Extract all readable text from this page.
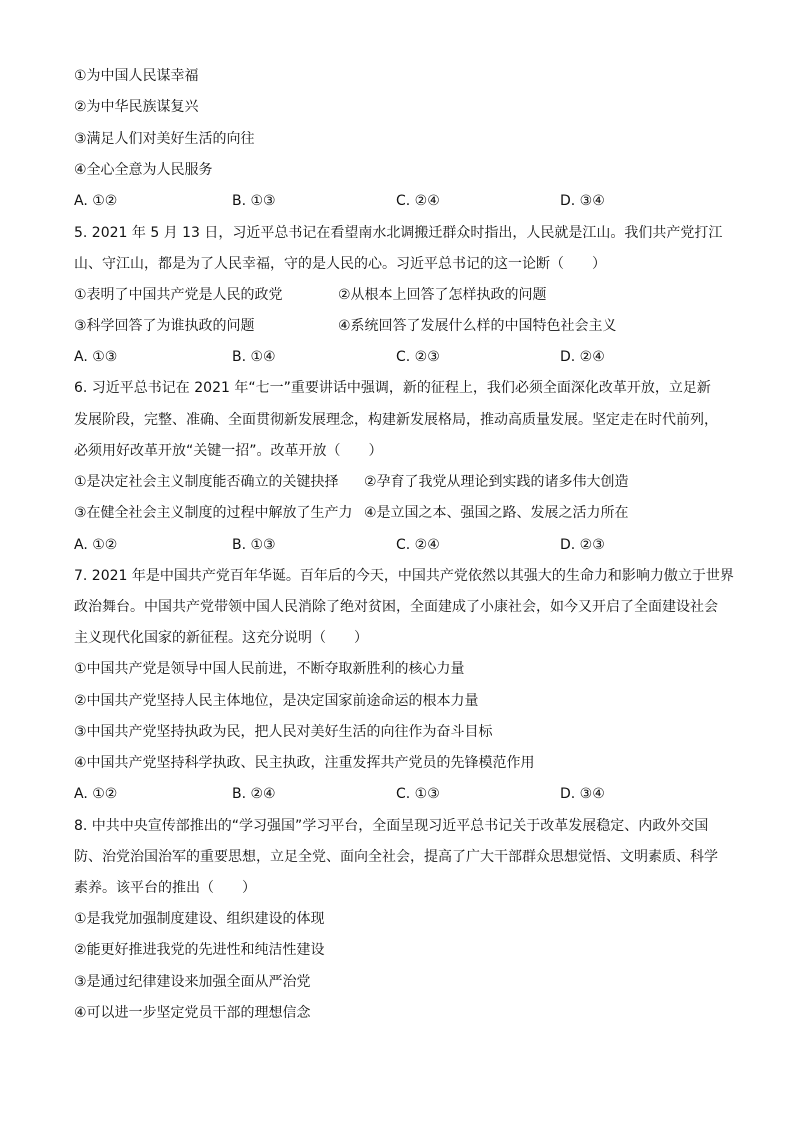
①为中国人民谋幸福
②为中华民族谋复兴
③满足人们对美好生活的向往
④全心全意为人民服务
A. ①②	B. ①③	C. ②④	D. ③④
5. 2021 年 5 月 13 日，习近平总书记在看望南水北调搬迁群众时指出，人民就是江山。我们共产党打江
山、守江山，都是为了人民幸福，守的是人民的心。习近平总书记的这一论断（　　）
①表明了中国共产党是人民的政党	②从根本上回答了怎样执政的问题
③科学回答了为谁执政的问题	④系统回答了发展什么样的中国特色社会主义
A. ①③	B. ①④	C. ②③	D. ②④
6. 习近平总书记在 2021 年“七一”重要讲话中强调，新的征程上，我们必须全面深化改革开放，立足新
发展阶段，完整、准确、全面贯彻新发展理念，构建新发展格局，推动高质量发展。坚定走在时代前列，
必须用好改革开放“关键一招”。改革开放（　　）
①是决定社会主义制度能否确立的关键抉择 ②孕育了我党从理论到实践的诸多伟大创造
③在健全社会主义制度的过程中解放了生产力 ④是立国之本、强国之路、发展之活力所在
A. ①②	B. ①③	C. ②④	D. ②③
7. 2021 年是中国共产党百年华诞。百年后的今天，中国共产党依然以其强大的生命力和影响力傲立于世界
政治舞台。中国共产党带领中国人民消除了绝对贫困，全面建成了小康社会，如今又开启了全面建设社会
主义现代化国家的新征程。这充分说明（　　）
①中国共产党是领导中国人民前进，不断夺取新胜利的核心力量
②中国共产党坚持人民主体地位，是决定国家前途命运的根本力量
③中国共产党坚持执政为民，把人民对美好生活的向往作为奋斗目标
④中国共产党坚持科学执政、民主执政，注重发挥共产党员的先锋模范作用
A. ①②	B. ②④	C. ①③	D. ③④
8. 中共中央宣传部推出的“学习强国”学习平台，全面呈现习近平总书记关于改革发展稳定、内政外交国
防、治党治国治军的重要思想，立足全党、面向全社会，提高了广大干部群众思想觉悟、文明素质、科学
素养。该平台的推出（　　）
①是我党加强制度建设、组织建设的体现
②能更好推进我党的先进性和纯洁性建设
③是通过纪律建设来加强全面从严治党
④可以进一步坚定党员干部的理想信念
